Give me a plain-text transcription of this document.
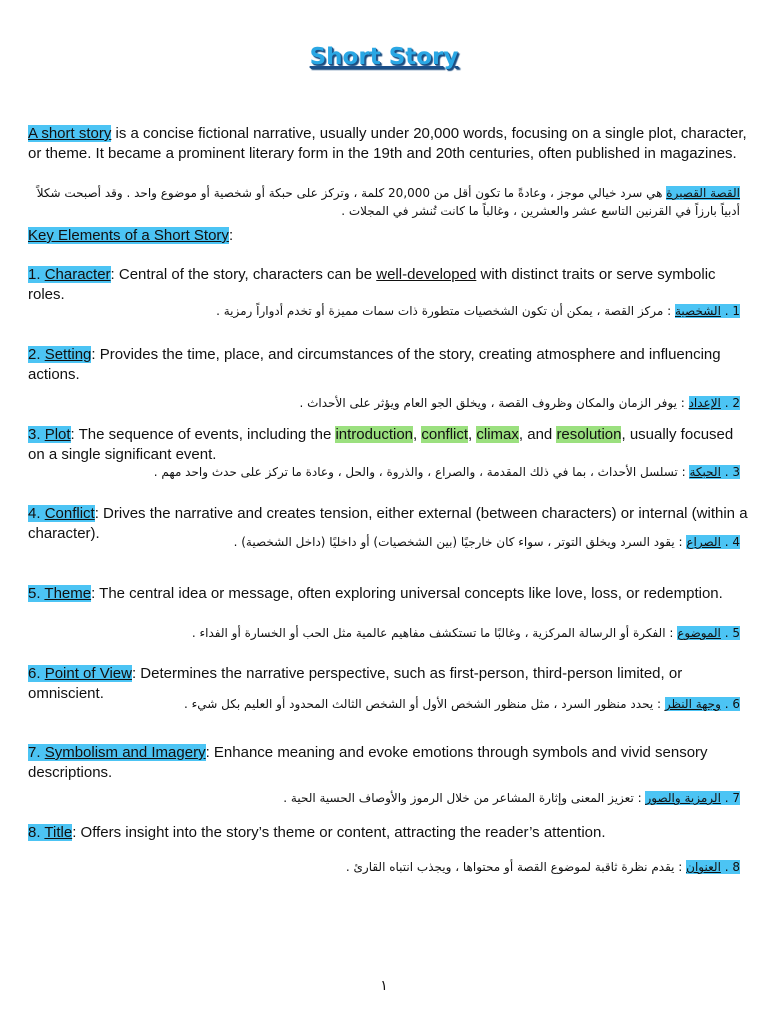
Short Story

A short story is a concise fictional narrative, usually under 20,000 words, focusing on a single plot, character, or theme. It became a prominent literary form in the 19th and 20th centuries, often published in magazines.

القصة القصيرة هي سرد خيالي موجز ، وعادةً ما تكون أقل من 20,000 كلمة ، وتركز على حبكة أو شخصية أو موضوع واحد . وقد أصبحت شكلاً أدبياً بارزاً في القرنين التاسع عشر والعشرين ، وغالباً ما كانت تُنشر في المجلات .

Key Elements of a Short Story:

1. Character: Central of the story, characters can be well-developed with distinct traits or serve symbolic roles.

1 . الشخصية : مركز القصة ، يمكن أن تكون الشخصيات متطورة ذات سمات مميزة أو تخدم أدواراً رمزية .

2. Setting: Provides the time, place, and circumstances of the story, creating atmosphere and influencing actions.

2 . الإعداد : يوفر الزمان والمكان وظروف القصة ، ويخلق الجو العام ويؤثر على الأحداث .

3. Plot: The sequence of events, including the introduction, conflict, climax, and resolution, usually focused on a single significant event.

3 . الحبكة : تسلسل الأحداث ، بما في ذلك المقدمة ، والصراع ، والذروة ، والحل ، وعادة ما تركز على حدث واحد مهم .

4. Conflict: Drives the narrative and creates tension, either external (between characters) or internal (within a character).	4 . الصراع : يقود السرد ويخلق التوتر ، سواء كان خارجيًا (بين الشخصيات) أو داخليًا (داخل الشخصية) .

5. Theme: The central idea or message, often exploring universal concepts like love, loss, or redemption.

5 . الموضوع : الفكرة أو الرسالة المركزية ، وغالبًا ما تستكشف مفاهيم عالمية مثل الحب أو الخسارة أو الفداء .

6. Point of View: Determines the narrative perspective, such as first-person, third-person limited, or omniscient.

6 . وجهة النظر : يحدد منظور السرد ، مثل منظور الشخص الأول أو الشخص الثالث المحدود أو العليم بكل شيء .

7. Symbolism and Imagery: Enhance meaning and evoke emotions through symbols and vivid sensory descriptions.

7 . الرمزية والصور : تعزيز المعنى وإثارة المشاعر من خلال الرموز والأوصاف الحسية الحية .

8. Title: Offers insight into the story’s theme or content, attracting the reader’s attention.

8 . العنوان : يقدم نظرة ثاقبة لموضوع القصة أو محتواها ، ويجذب انتباه القارئ .

١
